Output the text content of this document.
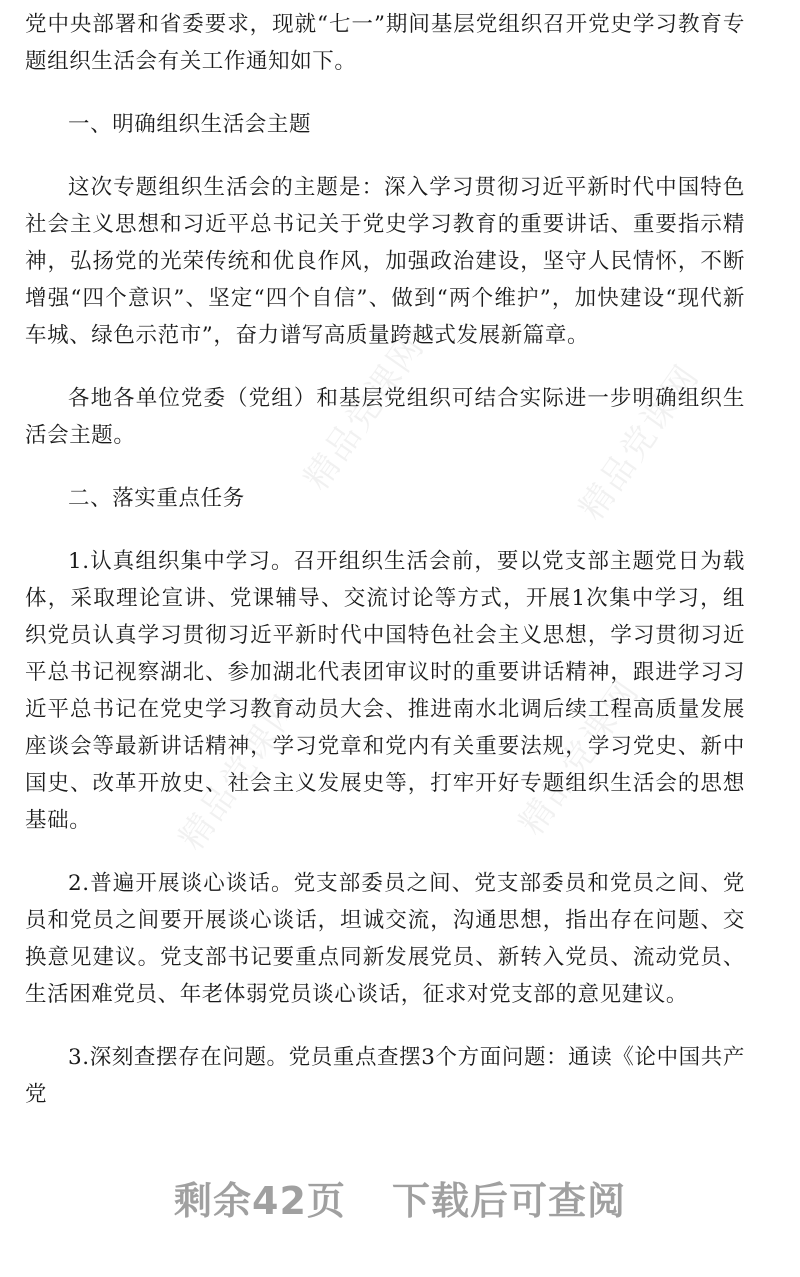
党中央部署和省委要求，现就“七一”期间基层党组织召开党史学习教育专题组织生活会有关工作通知如下。

一、明确组织生活会主题

这次专题组织生活会的主题是：深入学习贯彻习近平新时代中国特色社会主义思想和习近平总书记关于党史学习教育的重要讲话、重要指示精神，弘扬党的光荣传统和优良作风，加强政治建设，坚守人民情怀，不断增强“四个意识”、坚定“四个自信”、做到“两个维护”，加快建设“现代新车城、绿色示范市”，奋力谱写高质量跨越式发展新篇章。

各地各单位党委（党组）和基层党组织可结合实际进一步明确组织生活会主题。

二、落实重点任务

1.认真组织集中学习。召开组织生活会前，要以党支部主题党日为载体，采取理论宣讲、党课辅导、交流讨论等方式，开展1次集中学习，组织党员认真学习贯彻习近平新时代中国特色社会主义思想，学习贯彻习近平总书记视察湖北、参加湖北代表团审议时的重要讲话精神，跟进学习习近平总书记在党史学习教育动员大会、推进南水北调后续工程高质量发展座谈会等最新讲话精神，学习党章和党内有关重要法规，学习党史、新中国史、改革开放史、社会主义发展史等，打牢开好专题组织生活会的思想基础。

2.普遍开展谈心谈话。党支部委员之间、党支部委员和党员之间、党员和党员之间要开展谈心谈话，坦诚交流，沟通思想，指出存在问题、交换意见建议。党支部书记要重点同新发展党员、新转入党员、流动党员、生活困难党员、年老体弱党员谈心谈话，征求对党支部的意见建议。

3.深刻查摆存在问题。党员重点查摆3个方面问题：通读《论中国共产党

精品党课网	精品党课网
精品党课网	精品党课网
剩余42页 下载后可查阅
